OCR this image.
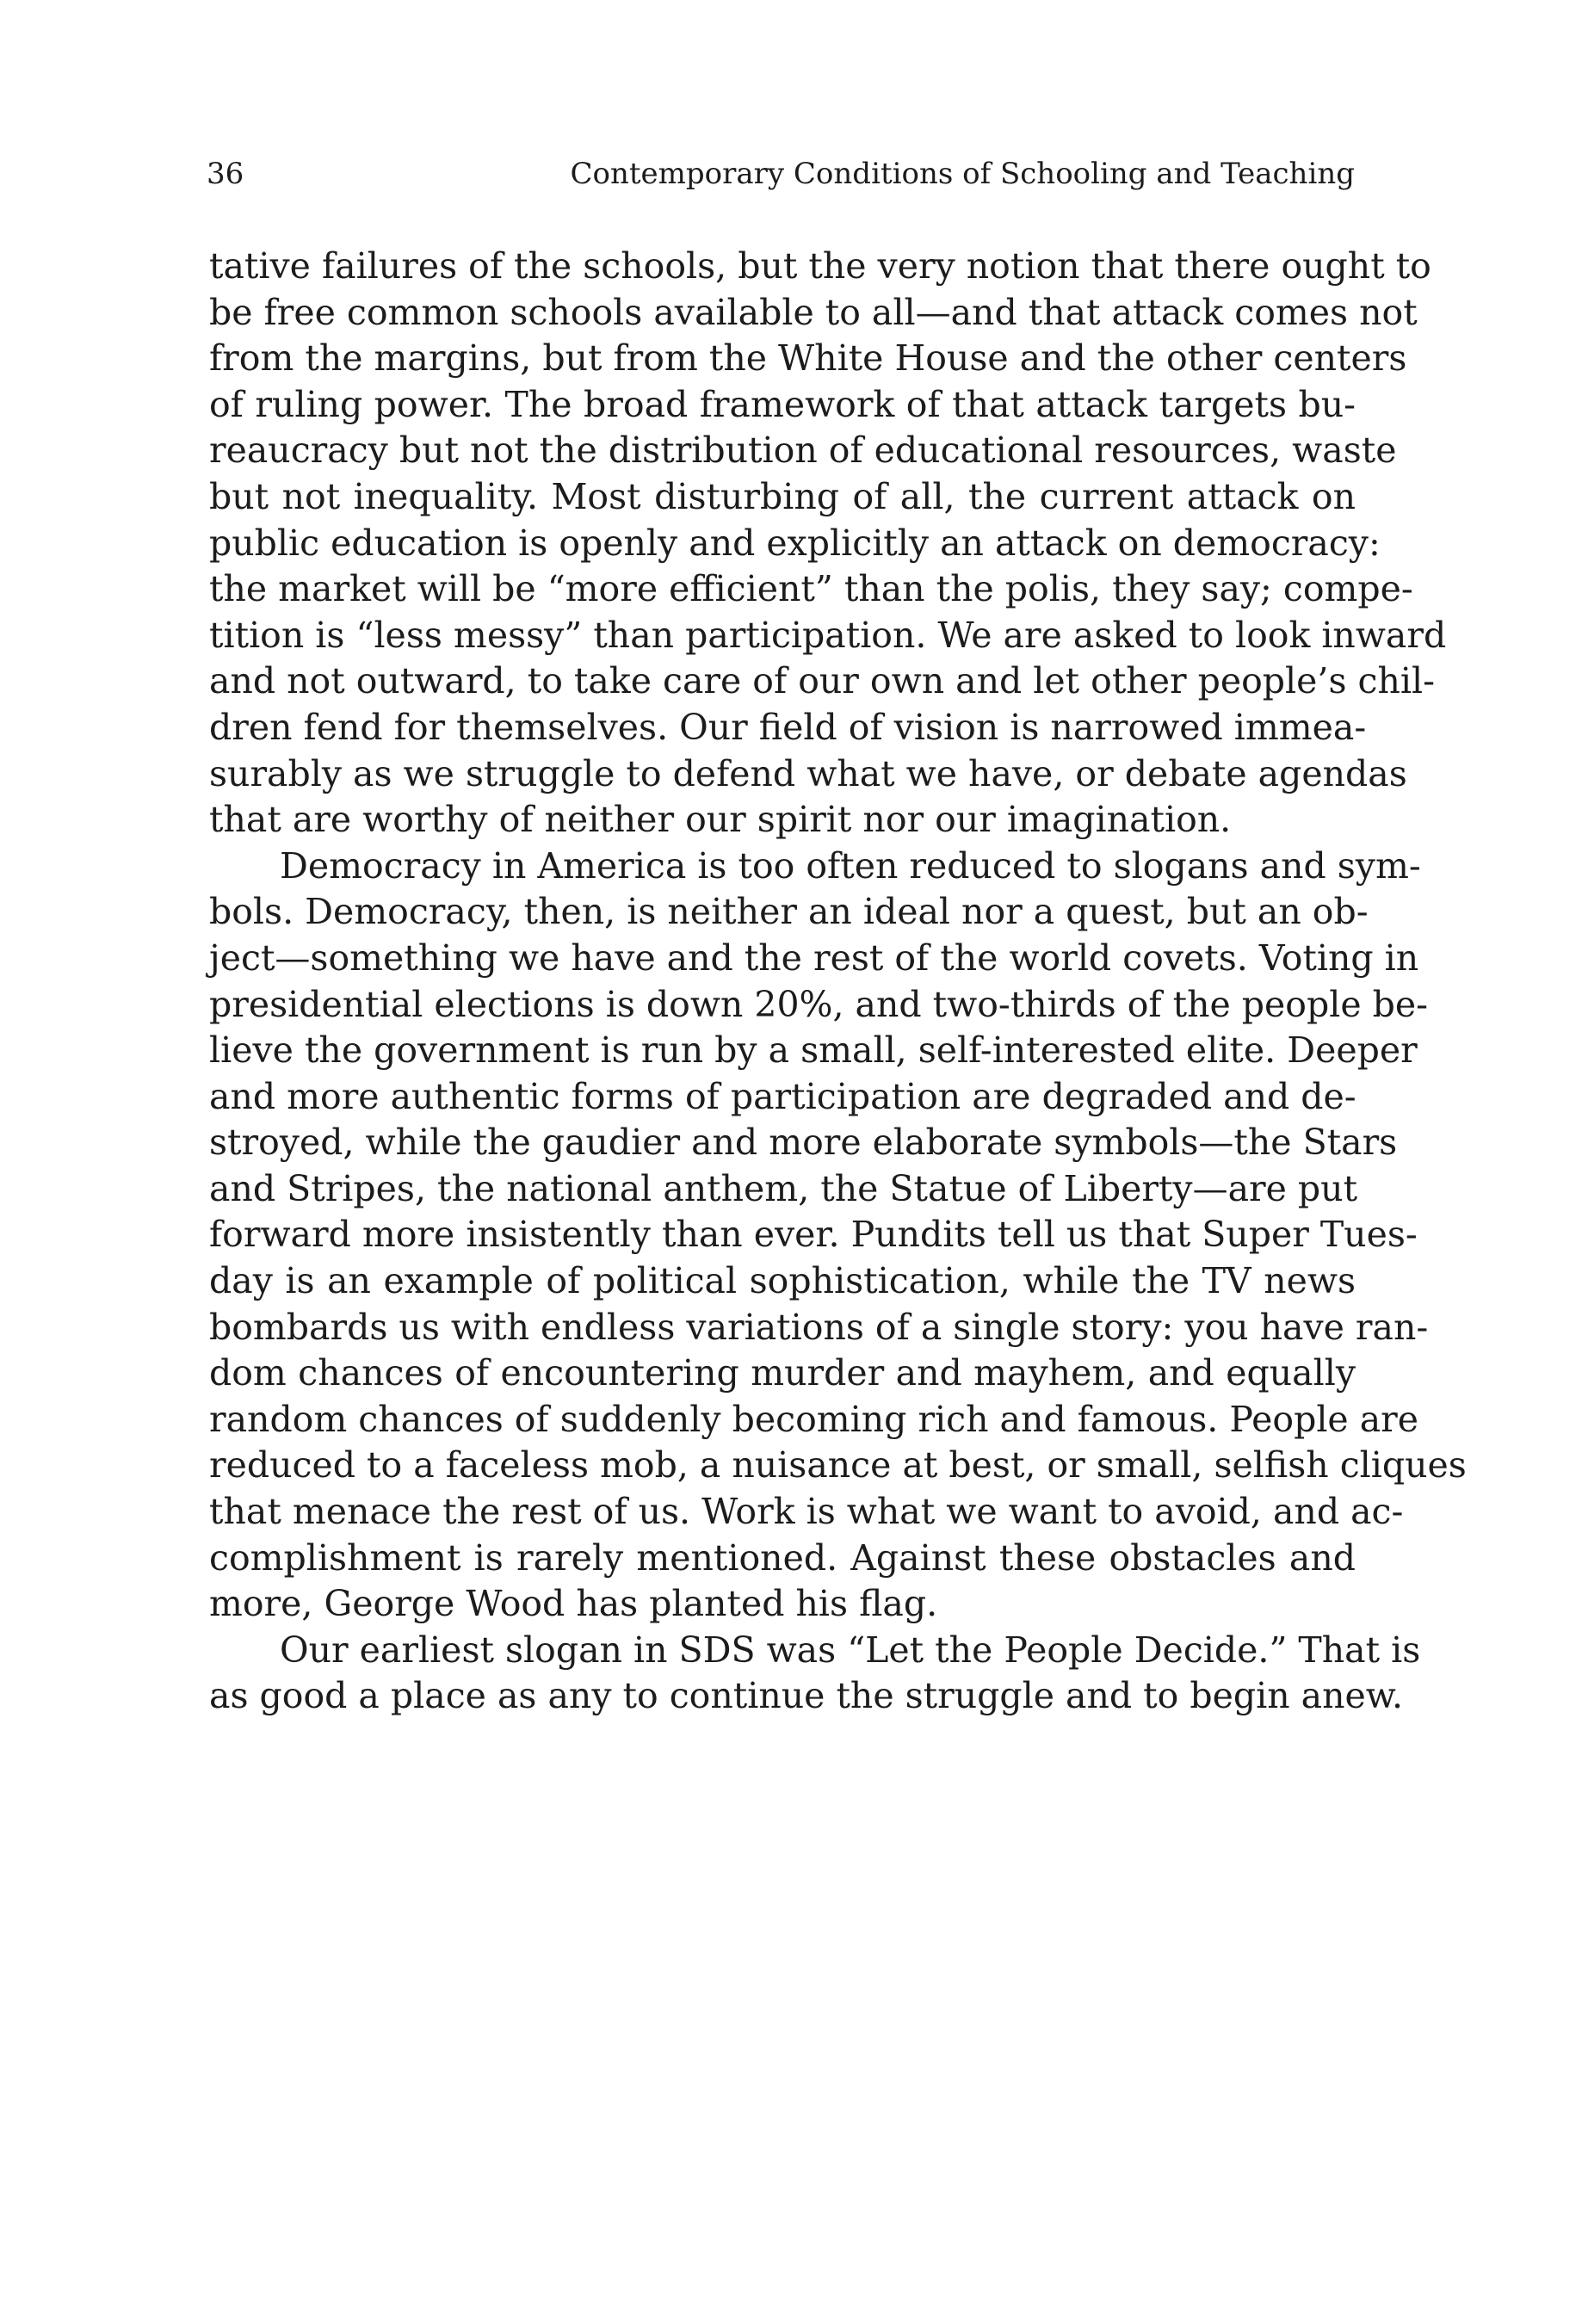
36	Contemporary Conditions of Schooling and Teaching
tative failures of the schools, but the very notion that there ought to
be free common schools available to all—and that attack comes not
from the margins, but from the White House and the other centers
of ruling power. The broad framework of that attack targets bu-
reaucracy but not the distribution of educational resources, waste
but not inequality. Most disturbing of all, the current attack on
public education is openly and explicitly an attack on democracy:
the market will be “more efficient” than the polis, they say; compe-
tition is “less messy” than participation. We are asked to look inward
and not outward, to take care of our own and let other people’s chil-
dren fend for themselves. Our field of vision is narrowed immea-
surably as we struggle to defend what we have, or debate agendas
that are worthy of neither our spirit nor our imagination.
Democracy in America is too often reduced to slogans and sym-
bols. Democracy, then, is neither an ideal nor a quest, but an ob-
ject—something we have and the rest of the world covets. Voting in
presidential elections is down 20%, and two-thirds of the people be-
lieve the government is run by a small, self-interested elite. Deeper
and more authentic forms of participation are degraded and de-
stroyed, while the gaudier and more elaborate symbols—the Stars
and Stripes, the national anthem, the Statue of Liberty—are put
forward more insistently than ever. Pundits tell us that Super Tues-
day is an example of political sophistication, while the TV news
bombards us with endless variations of a single story: you have ran-
dom chances of encountering murder and mayhem, and equally
random chances of suddenly becoming rich and famous. People are
reduced to a faceless mob, a nuisance at best, or small, selfish cliques
that menace the rest of us. Work is what we want to avoid, and ac-
complishment is rarely mentioned. Against these obstacles and
more, George Wood has planted his flag.
Our earliest slogan in SDS was “Let the People Decide.” That is
as good a place as any to continue the struggle and to begin anew.
